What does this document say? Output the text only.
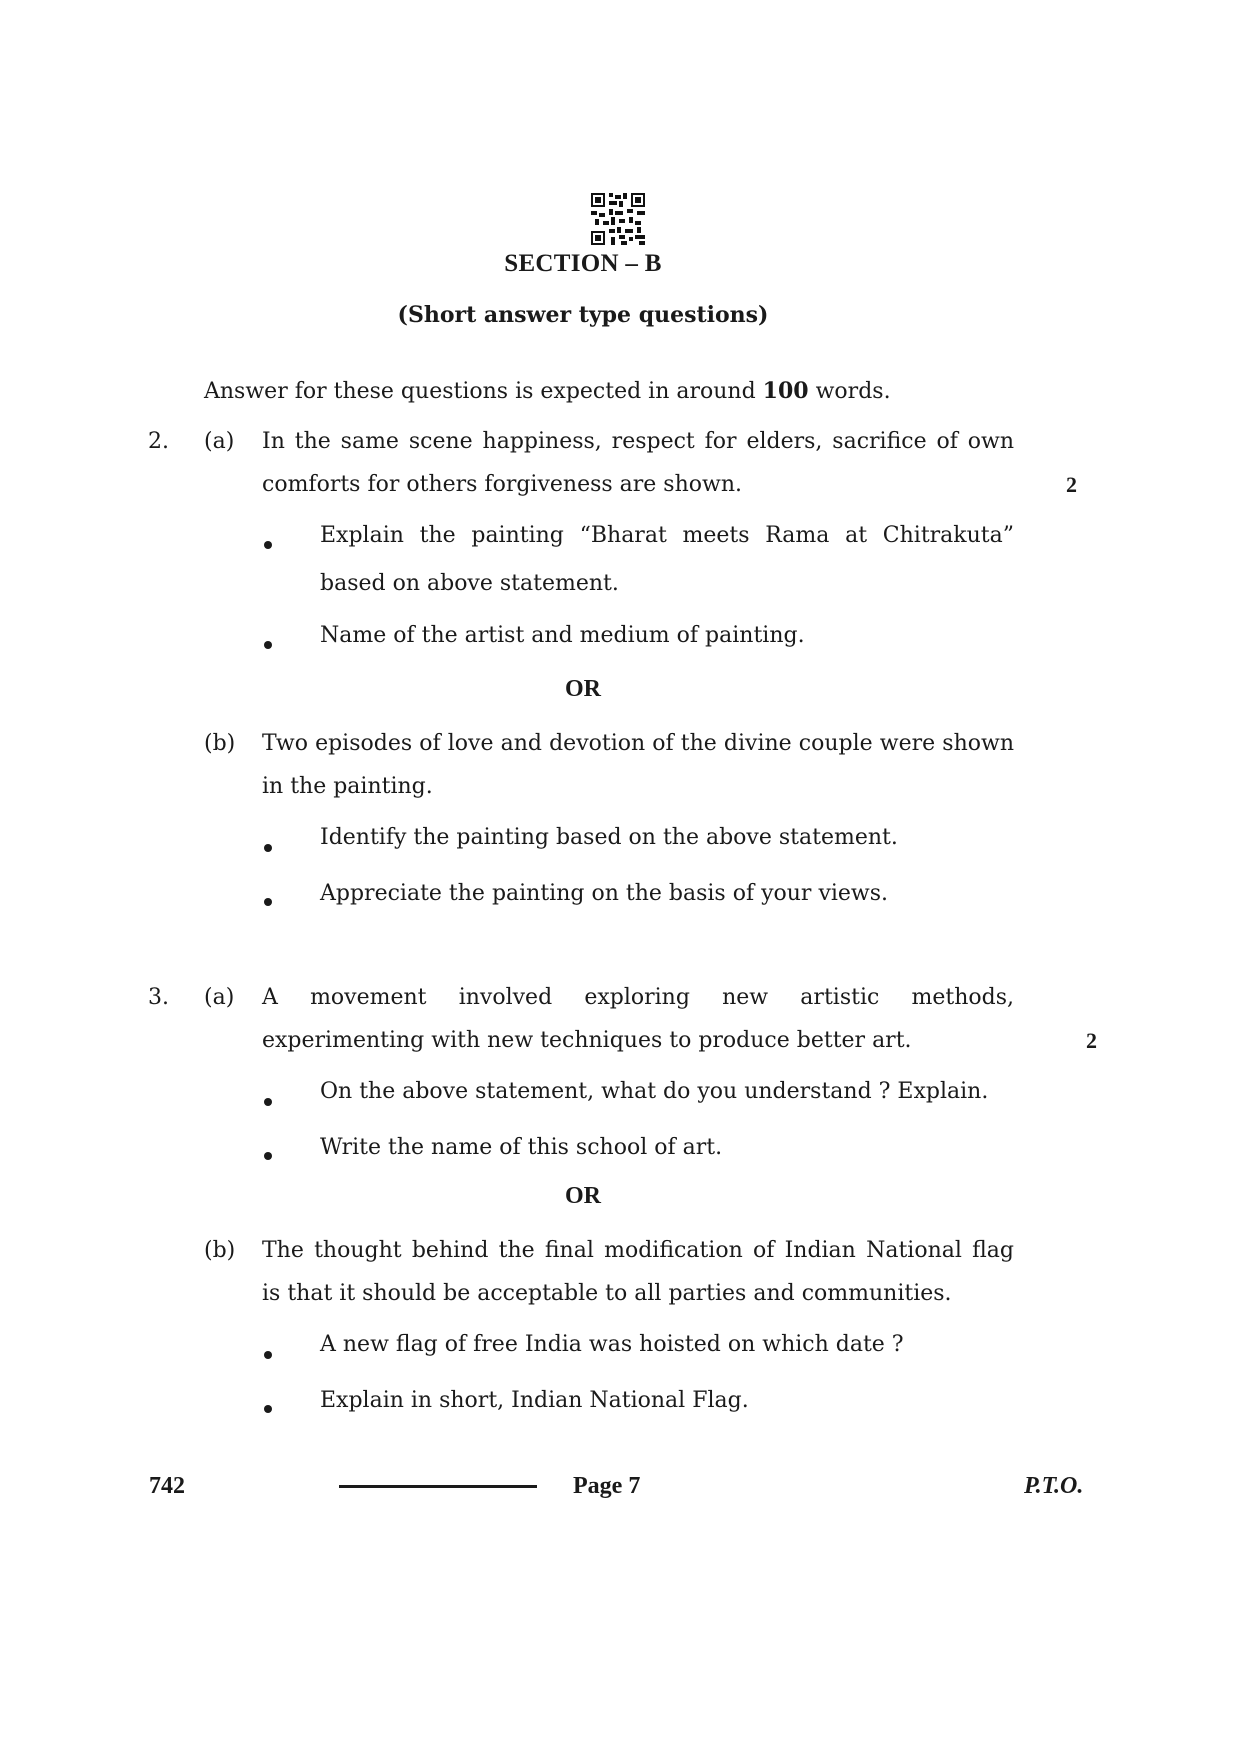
SECTION – B
(Short answer type questions)
Answer for these questions is expected in around 100 words.
2. (a) In the same scene happiness, respect for elders, sacrifice of own
comforts for others forgiveness are shown.	2
Explain the painting “Bharat meets Rama at Chitrakuta”
based on above statement.
Name of the artist and medium of painting.
OR
(b) Two episodes of love and devotion of the divine couple were shown
in the painting.
Identify the painting based on the above statement.
Appreciate the painting on the basis of your views.
3. (a) A movement involved exploring new artistic methods,
experimenting with new techniques to produce better art.	2
On the above statement, what do you understand ? Explain.
Write the name of this school of art.
OR
(b) The thought behind the final modification of Indian National flag
is that it should be acceptable to all parties and communities.
A new flag of free India was hoisted on which date ?
Explain in short, Indian National Flag.
742	Page 7	P.T.O.
